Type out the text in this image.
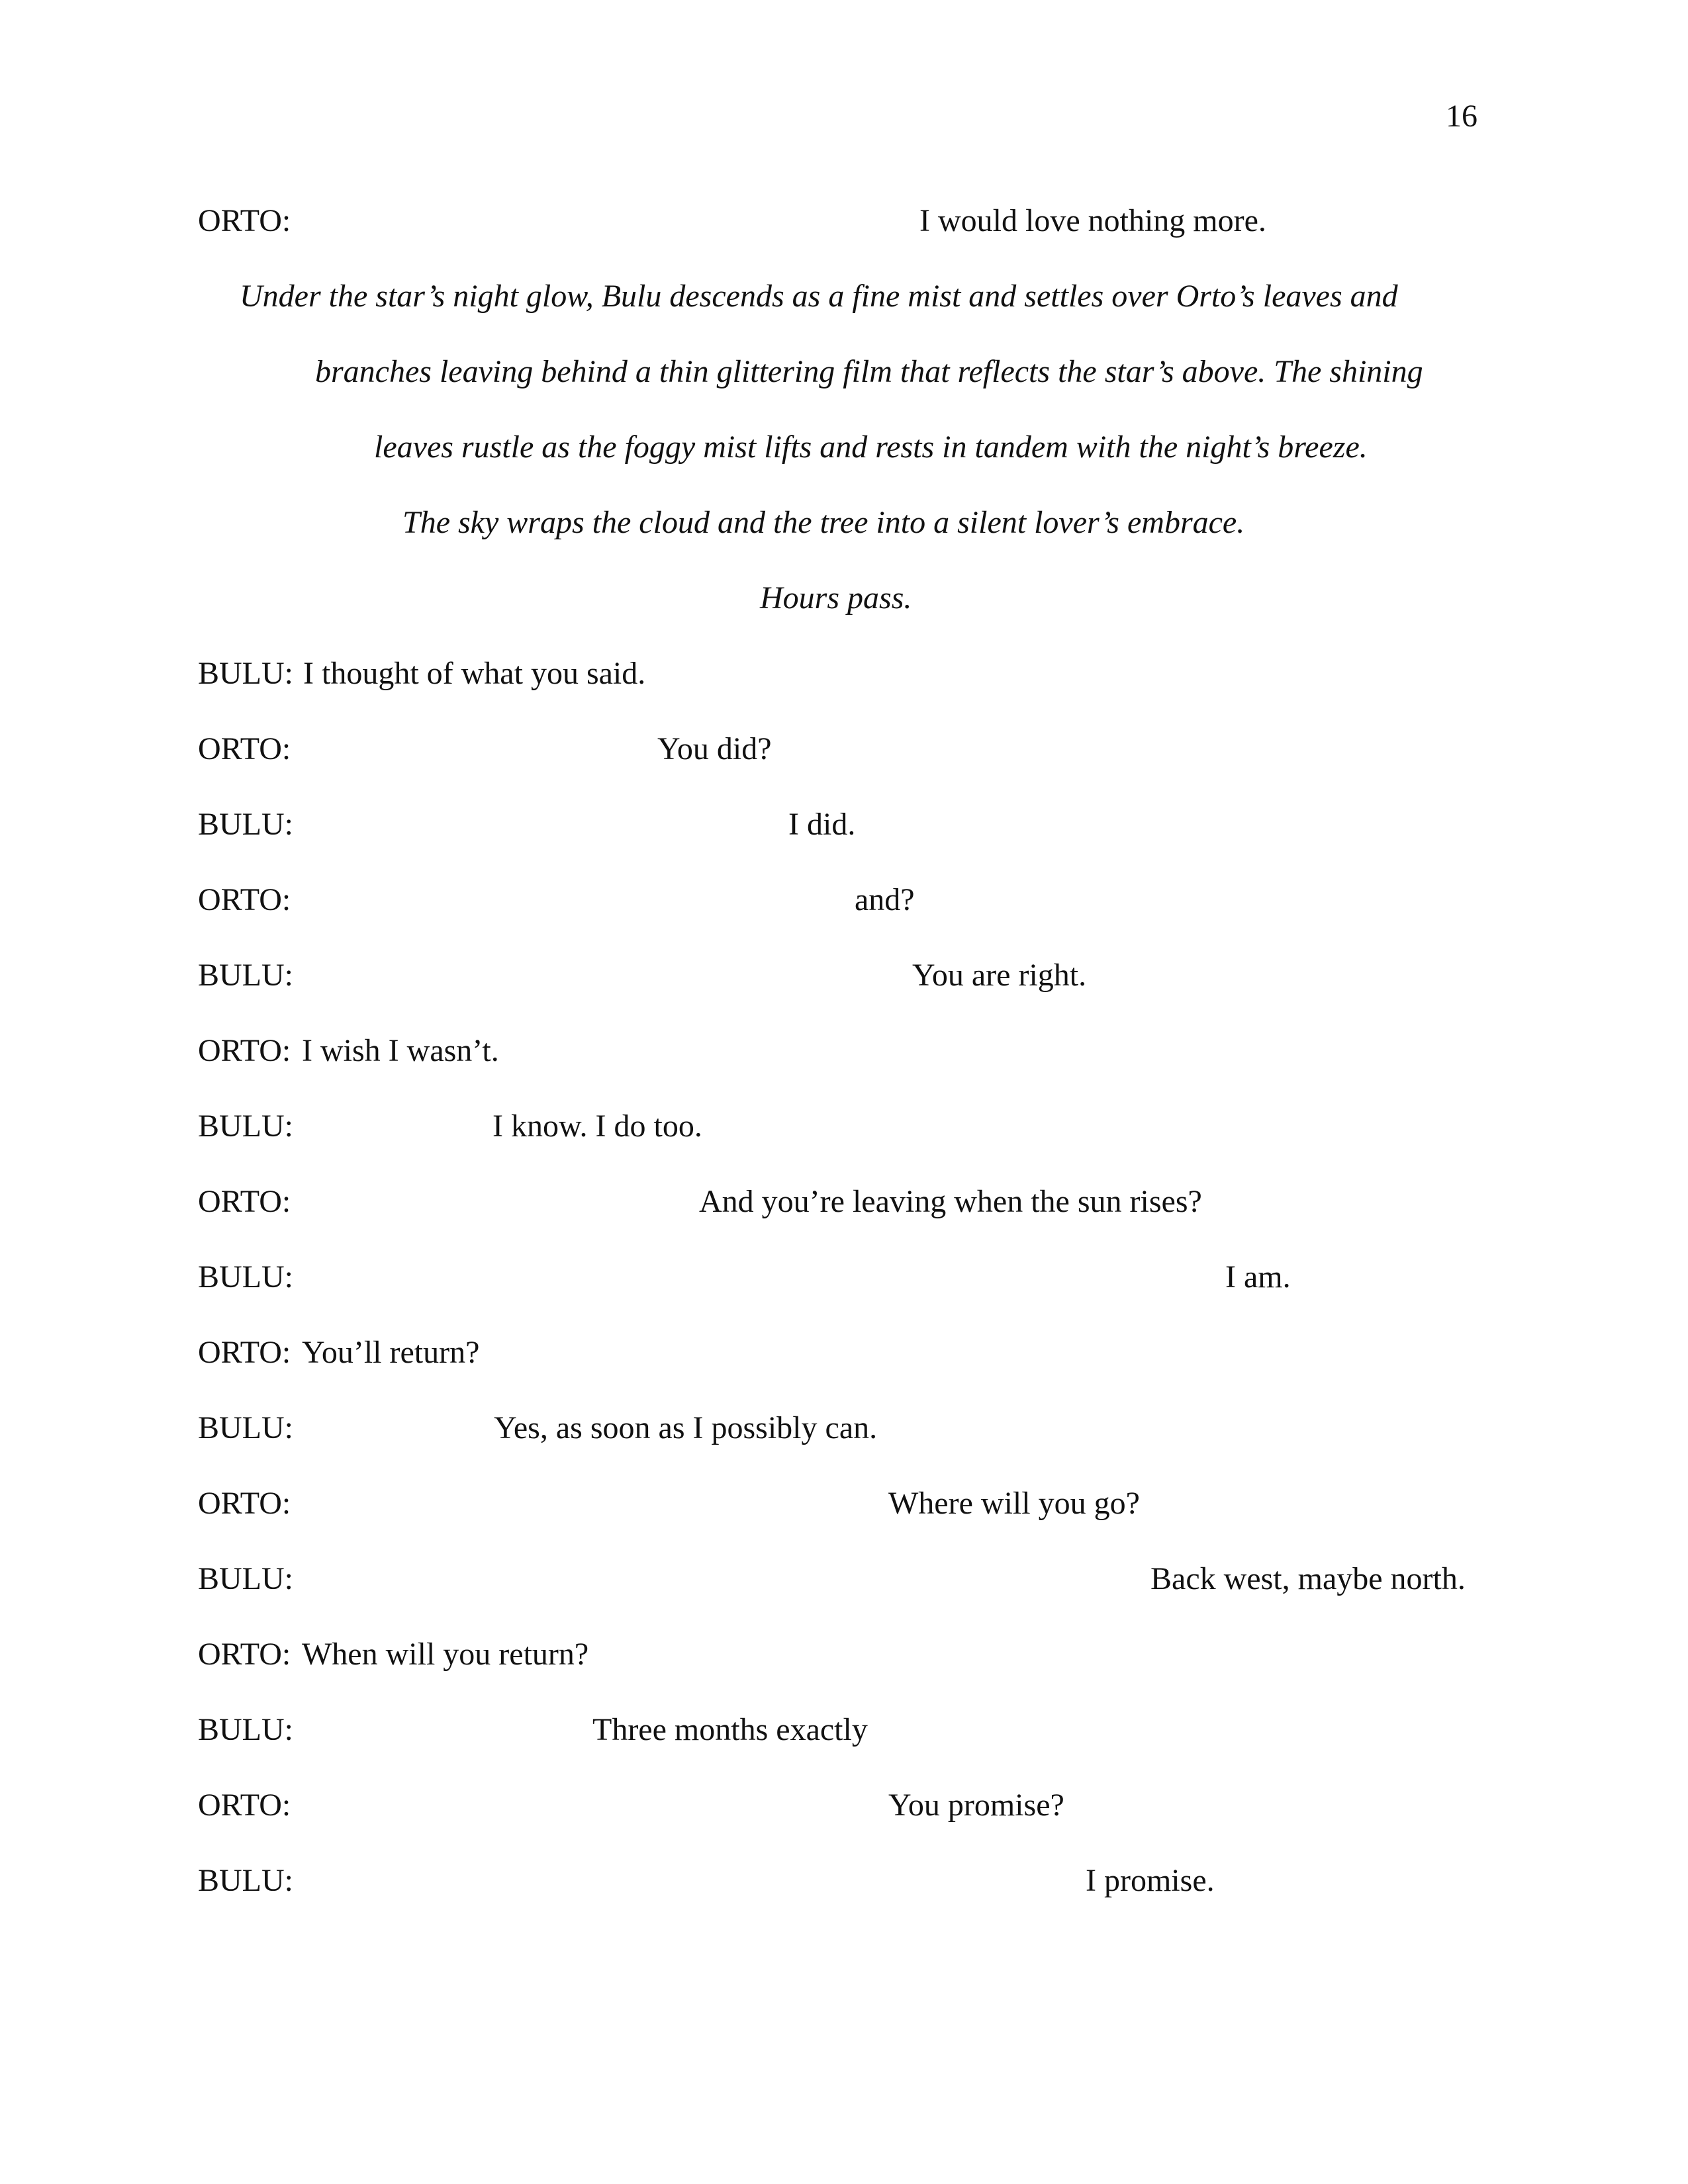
16
ORTO:	I would love nothing more.
Under the star’s night glow, Bulu descends as a fine mist and settles over Orto’s leaves and
branches leaving behind a thin glittering film that reflects the star’s above. The shining
leaves rustle as the foggy mist lifts and rests in tandem with the night’s breeze.
The sky wraps the cloud and the tree into a silent lover’s embrace.
Hours pass.
BULU: I thought of what you said.
ORTO:	You did?
BULU:	I did.
ORTO:	and?
BULU:	You are right.
ORTO: I wish I wasn’t.
BULU:	I know. I do too.
ORTO:	And you’re leaving when the sun rises?
BULU:	I am.
ORTO: You’ll return?
BULU:	Yes, as soon as I possibly can.
ORTO:	Where will you go?
BULU:	Back west, maybe north.
ORTO: When will you return?
BULU:	Three months exactly
ORTO:	You promise?
BULU:	I promise.
